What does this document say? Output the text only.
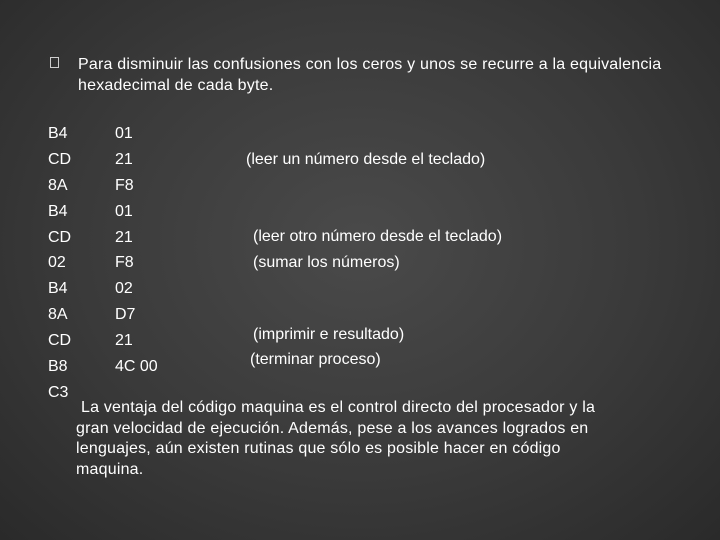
Para disminuir las confusiones con los ceros y unos se recurre a la equivalencia hexadecimal de cada byte.
B4
CD
8A
B4
CD
02
B4
8A
CD
B8
C3
01
21
F8
01
21
F8
02
D7
21
4C 00
(leer un número desde el teclado)
(leer otro número desde el teclado)
(sumar los números)
(imprimir e resultado)
(terminar proceso)
La ventaja del código maquina es el control directo del procesador y la
gran velocidad de ejecución. Además, pese a los avances logrados en
lenguajes, aún existen rutinas que sólo es posible hacer en código
maquina.
